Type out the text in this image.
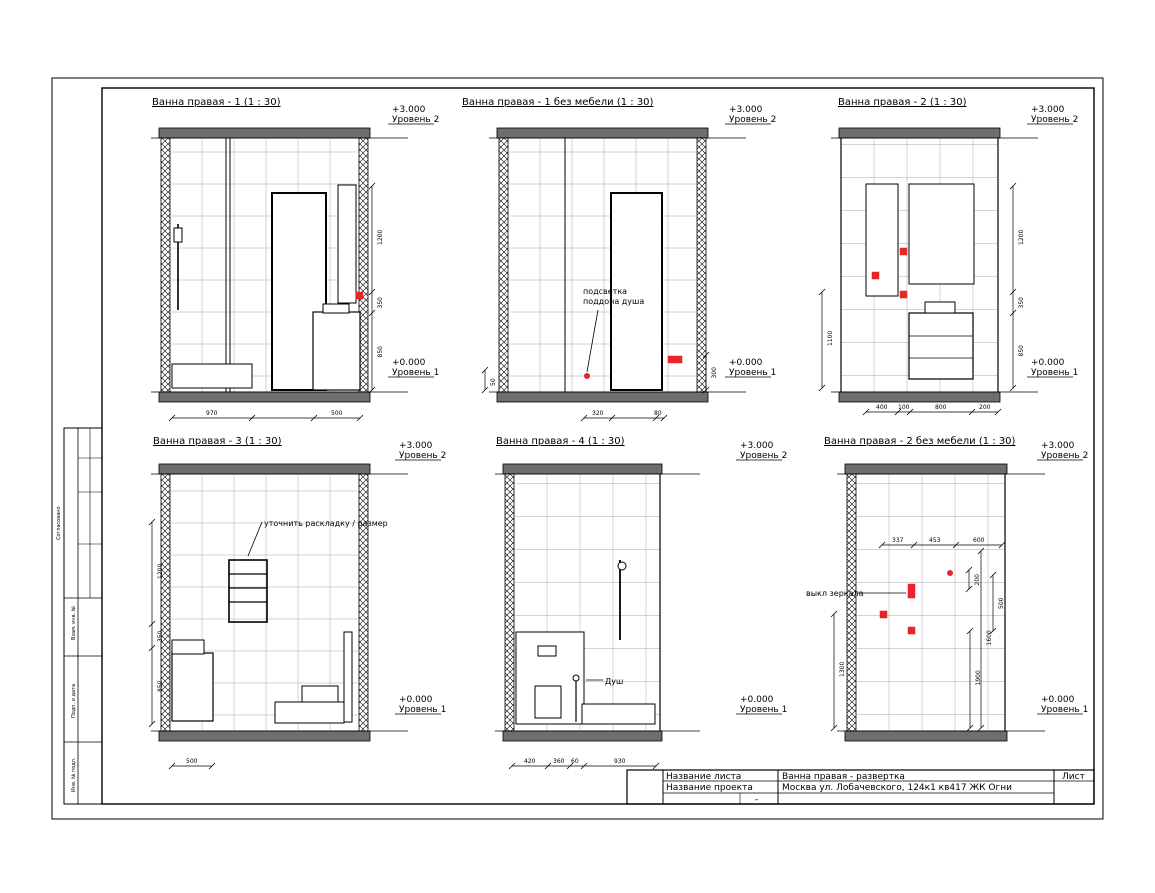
Согласовано
Взам. инв. №
Подп. и дата
Инв. № подл.	Название листа	Ванна правая - развертка
Название проекта	Москва ул. Лобачевского, 124к1 кв417 ЖК Огни
Лист
-
Ванна правая - 1 (1 : 30)
+3.000
Уровень 2
+0.000
Уровень 1
970	500
1200
350
850
Ванна правая - 1 без мебели (1 : 30)
+3.000
Уровень 2
+0.000
Уровень 1
подсветка
поддона душа
320	80
300
50
Ванна правая - 2 (1 : 30)
+3.000
Уровень 2
+0.000
Уровень 1
400 100	800	200
1200
350
850
1100
Ванна правая - 3 (1 : 30)	+3.000
Уровень 2
+0.000
Уровень 1
уточнить раскладку / размер
500
1200
350
850
Ванна правая - 4 (1 : 30)	+3.000
Уровень 2
+0.000
Уровень 1
Душ
420	360 60	930
Ванна правая - 2 без мебели (1 : 30)	+3.000
Уровень 2
+0.000
Уровень 1
337	453	600
выкл зеркала
200
500
1600
1900
1300
